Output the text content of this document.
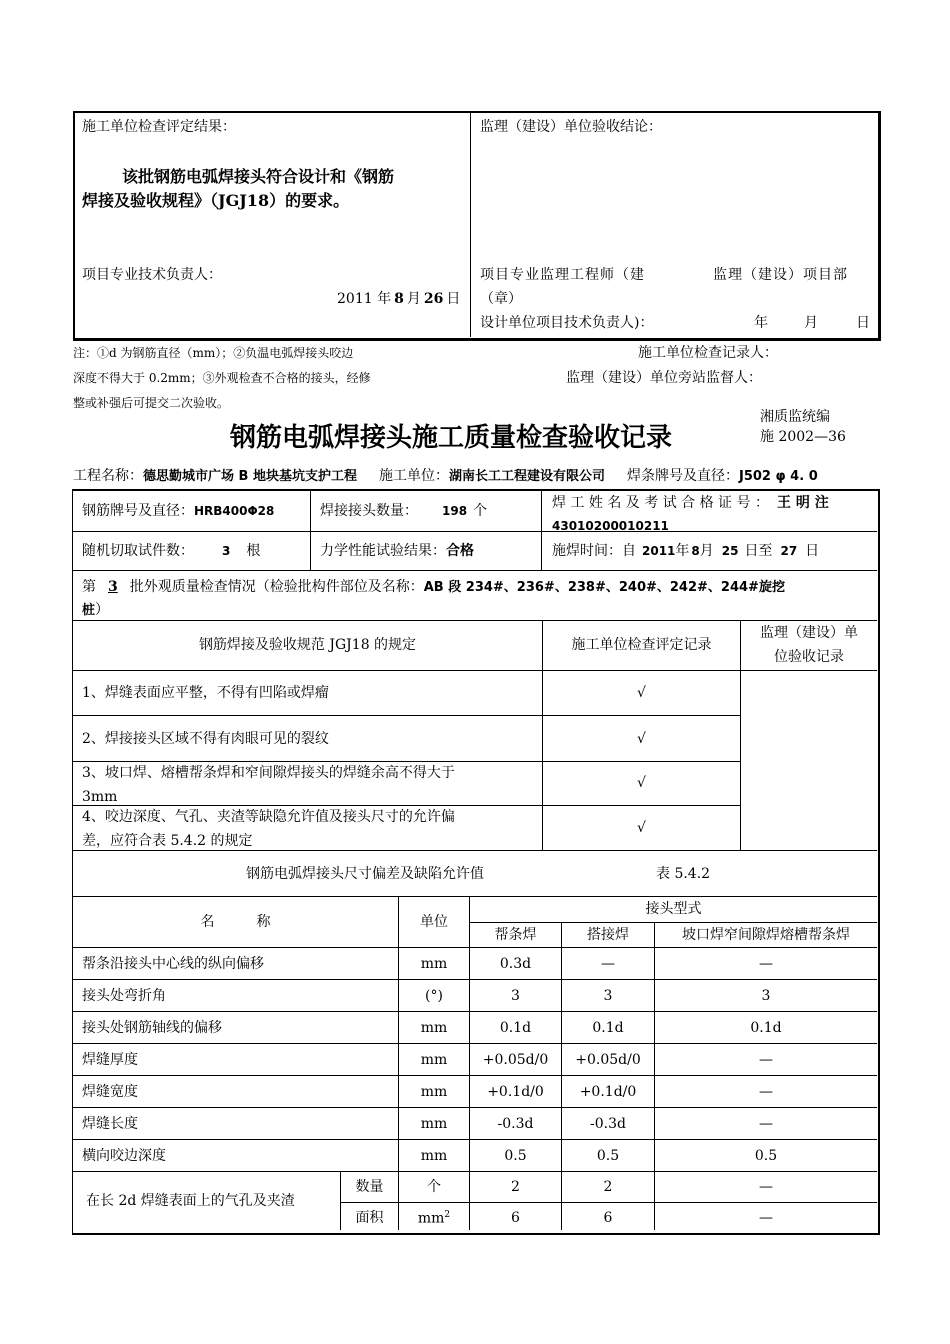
施工单位检查评定结果：
该批钢筋电弧焊接头符合设计和《钢筋
焊接及验收规程》（JGJ18）的要求。
项目专业技术负责人：
2011 年 8 月 26 日
监理（建设）单位验收结论：
项目专业监理工程师（建	监理（建设）项目部
（章）
设计单位项目技术负责人)：	年	月	日
注：①d 为钢筋直径（mm）；②负温电弧焊接头咬边
深度不得大于 0.2mm；③外观检查不合格的接头，经修
整或补强后可提交二次验收。
施工单位检查记录人：
监理（建设）单位旁站监督人：
湘质监统编
施 2002—36
钢筋电弧焊接头施工质量检查验收记录
工程名称：德思勤城市广场 B 地块基坑支护工程 施工单位：湖南长工工程建设有限公司 焊条牌号及直径：J502 φ 4. 0
钢筋牌号及直径：HRB400Φ28	焊接接头数量： 198 个	焊 工 姓 名 及 考 试 合 格 证 号 ： 王 明 注
43010200010211
随机切取试件数： 3 根	力学性能试验结果：合格	施焊时间：自 2011年 8月 25 日至 27 日
第 3 批外观质量检查情况（检验批构件部位及名称：AB 段 234#、236#、238#、240#、242#、244#旋挖
桩）
钢筋焊接及验收规范 JGJ18 的规定	施工单位检查评定记录
监理（建设）单
位验收记录
1、焊缝表面应平整，不得有凹陷或焊瘤	√
2、焊接接头区域不得有肉眼可见的裂纹	√
3、坡口焊、熔槽帮条焊和窄间隙焊接头的焊缝余高不得大于
3mm
√
4、咬边深度、气孔、夹渣等缺隐允许值及接头尺寸的允许偏
差，应符合表 5.4.2 的规定
√
钢筋电弧焊接头尺寸偏差及缺陷允许值	表 5.4.2
名　　　称	单位
接头型式
帮条焊	搭接焊	坡口焊窄间隙焊熔槽帮条焊
帮条沿接头中心线的纵向偏移	mm	0.3d	—	—
接头处弯折角	(°)	3	3	3
接头处钢筋轴线的偏移	mm	0.1d	0.1d	0.1d
焊缝厚度	mm	+0.05d/0	+0.05d/0	—
焊缝宽度	mm	+0.1d/0	+0.1d/0	—
焊缝长度	mm	-0.3d	-0.3d	—
横向咬边深度	mm	0.5	0.5	0.5
在长 2d 焊缝表面上的气孔及夹渣
数量	个	2	2	—
面积	$mm^2$	6	6	—
